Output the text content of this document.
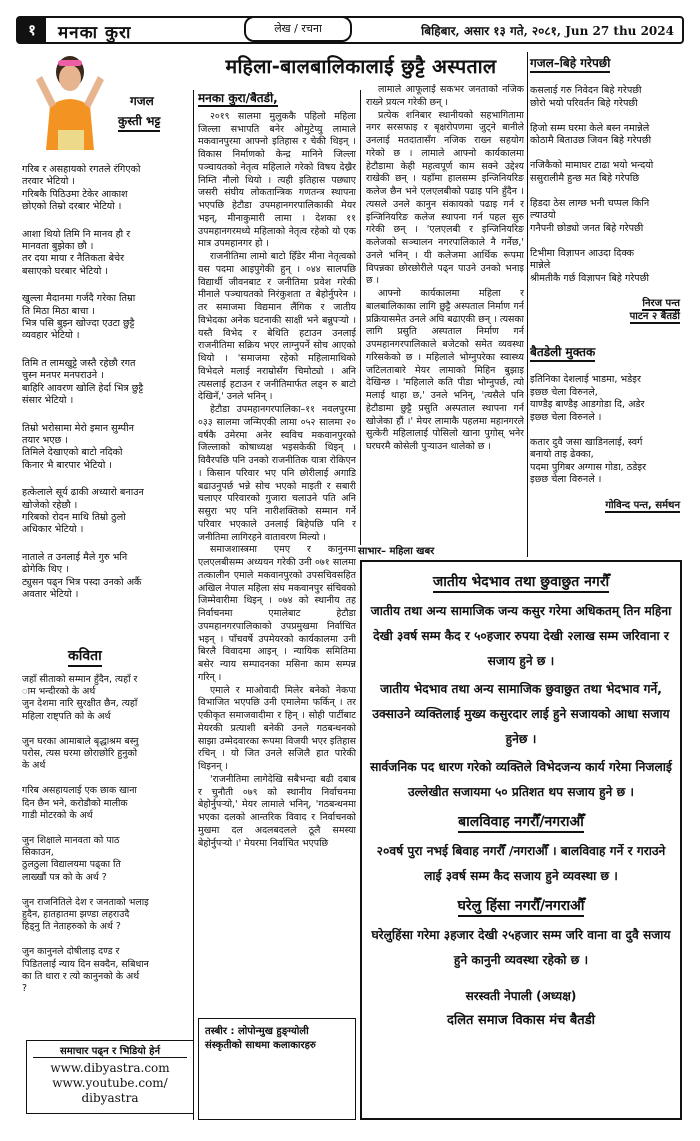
१	मनका कुरा	लेख / रचना	बिहिबार, असार १३ गते, २०८१, Jun 27 thu 2024
गजल
कुस्ती भट्ट
गरिब र असहायको रगतले रंगिएको
तरवार भेटियो ।
गरिबकै पिठिउमा टेकेर आकाश
छोएको तिम्रो दरबार भेटियो ।
आशा थियो तिमि नि मानव हौ र
मानवता बुझेका छौ ।
तर दया माया र नैतिकता बेचेर
बसाएको घरबार भेटियो ।
खुल्ला मैदानमा गर्जदै गरेका तिम्रा
ति मिठा मिठा बाचा ।
भित्र पसि बुझ्न खोज्दा एउटा छुट्टै
व्यवहार भेटियो ।
तिमि त लामखुट्टे जस्तै रहेछौ रगत
चुस्न मनपर मनपराउने ।
बाहिरि आवरण खोलि हेर्दा भित्र छुट्टै
संसार भेटियो ।
तिम्रो भरोसामा मेरो इमान सुम्पीन
तयार भएछ ।
तिमिले देखाएको बाटो नदिको
किनार भै बारपार भेटियो ।
हत्केलाले सूर्य ढाकी अध्यारो बनाउन
खोजेको रहेछौ ।
गरिबको रोदन माथि तिम्रो ठुलो
अधिकार भेटियो ।
नाताले त उनलाई मैले गुरु भनि
ढोगेकि थिए ।
ट्युसन पढ्न भित्र पस्दा उनको अर्कै
अवतार भेटियो ।
कविता
जहाँ सीताको सम्मान हुँदैन, त्यहाँ र
ाम भन्दीरको के अर्थ
जुन देशमा नारि सुरक्षीत छैन, त्यहाँ
महिला राष्ट्पति को के अर्थ
जुन घरका आमाबाले बृद्धाश्रम बस्नु
परोस, त्यस घरमा छोराछोरि हुनुको
के अर्थ
गरिब असहायलाई एक छाक खाना
दिन छैन भने, करोडौको मालीक
गाडी मोटरको के अर्थ
जुन शिक्षाले मानवता को पाठ
सिकाउन,
ठुलठुला विद्यालयमा पढ्का ति
लाख्खौं पत्र को के अर्थ ?
जुन राजनितिले देश र जनताको भलाइ
हुदैन, हातहातमा झण्डा लहराउदै
हिड्नु ति नेताहरुको के अर्थ ?
जुन कानुनले दोषीलाइ दण्ड र
पिडितलाई न्याय दिन सक्दैन, सबिधान
का ति धारा र त्यो कानुनको के अर्थ
?
समाचार पढ्न र भिडियो हेर्न
www.dibyastra.com
www.youtube.com/
dibyastra
महिला-बालबालिकालाई छुट्टै अस्पताल
मनका कुरा/बैतडी,

२०१९ सालमा मुलुककै पहिलो महिला जिल्ला सभापति बनेर ओमुटेप्यु लामाले मकवानपुरमा आफ्नो इतिहास र चेकी थिइन् । विकास निर्माणको केन्द्र मानिने जिल्ला पञ्चायतको नेतृत्व महिलाले गरेको विषय देख्रैर निम्ति नौलो थियो । त्यही इतिहास पछ्याए जसरी संघीय लोकतान्त्रिक गणतन्त्र स्थापना भएपछि हेटौडा उपमहानगरपालिकाकी मेयर भइन्, मीनाकुमारी लामा । देशका ११ उपमहानगरमध्ये महिलाको नेतृत्व रहेको यो एक मात्र उपमहानगर हो ।

राजनीतिमा लामो बाटो हिँडेर मीना नेतृत्वको यस पदमा आइपुगेकी हुन् । ०४४ सालपछि विद्यार्थी जीवनबाट र जनीतिमा प्रवेश गरेकी मीनाले पञ्चायतको निरंकुशता त बेहोर्नुपरेन । तर समाजमा विद्यमान लैंगिक र जातीय विभेदका अनेक घटनाकी साक्षी भने बन्नुपऱ्यो । यस्तै विभेद र बेथिति हटाउन उनलाई राजनीतिमा सक्रिय भएर लाग्नुपर्ने सोच आएको थियो । 'समाजमा रहेको महिलामाथिको विभेदले मलाई नराम्रोसँग चिमोट्यो । अनि त्यसलाई हटाउन र जनीतिमार्फत लड्न रु बाटो देखिनँ,' उनले भनिन् ।

हेटौडा उपमहानगरपालिका–११ नवलपुरमा ०३३ सालमा जन्मिएकी लामा ०५२ सालमा २० वर्षकै उमेरमा अनेर स्वविच मकवानपुरको जिल्लाको कोषाध्यक्ष भइसकेकी थिइन् । विवैरपछि पनि उनको राजनीतिक यात्रा रोकिएन । किसान परिवार भए पनि छोरीलाई अगाडि बढाउनुपर्छ भन्ने सोच भएको माइती र सबारी चलाएर परिवारको गुजारा चलाउने पति अनि ससुरा भए पनि नारीशक्तिको सम्मान गर्ने परिवार भएकाले उनलाई बिहेपछि पनि र जनीतिमा लागिरहने वातावरण मिल्यो ।

समाजशास्त्रमा एमए र कानुनमा एलएलबीसम्म अध्ययन गरेकी उनी ०७१ सालमा तत्कालीन एमाले मकवानपुरको उपसचिवसहित अखिल नेपाल महिला संघ मकवानपुर संचिवको जिम्मेवारीमा थिइन् । ०७४ को स्थानीय तह निर्वाचनमा एमालेबाट हेटौडा उपमहानगरपालिकाको उपप्रमुखमा निर्वाचित भइन् । पाँचवर्षे उपमेयरको कार्यकालमा उनी बिरलै विवादमा आइन् । न्यायिक समितिमा बसेर न्याय सम्पादनका मसिना काम सम्पन्न गरिन् ।

एमाले र माओवादी मिलेर बनेको नेकपा विभाजित भएपछि उनी एमालेमा फर्किन् । तर एकीकृत समाजवादीमा र हिन् । सोही पार्टीबाट मेयरकी प्रत्याशी बनेकी उनले गठबन्धनको साझा उम्मेदवारका रूपमा विजयी भएर इतिहास रचिन् । यो जित उनले सजिलै हात पारेकी थिइनन् ।

'राजनीतिमा लागेदेखि सबैभन्दा बढी दबाब र चुनौती ०७९ को स्थानीय निर्वाचनमा बेहोर्नुपऱ्यो,' मेयर लामाले भनिन्, 'गठबन्धनमा भएका दलको आन्तरिक विवाद र निर्वाचनको मुखमा दल अदलबदलले ठूलै समस्या बेहोर्नुपऱ्यो ।' मेयरमा निर्वाचित भएपछि

लामाले आफूलाई सकभर जनताको नजिक राख्ने प्रयत्न गरेकी छन् ।

प्रत्येक शनिबार स्थानीयको सहभागितामा नगर सरसफाइ र बृक्षरोपणमा जुट्ने बानीले उनलाई मतदातासँग नजिक राख्न सहयोग गरेको छ । लामाले आफ्नो कार्यकालमा हेटौडामा केही महत्वपूर्ण काम सक्ने उद्देश्य राखेकी छन् । यहाँमा हालसम्म इन्जिनियरिङ कलेज छैन भने एलएलबीको पढाइ पनि हुँदैन । त्यसले उनले कानुन संकायको पढाइ गर्न र इन्जिनियरिङ कलेज स्थापना गर्न पहल सुरु गरेकी छन् । 'एलएलबी र इन्जिनियरिङ कलेजको सञ्चालन नगरपालिकाले नै गर्नेछ,' उनले भनिन् । यी कलेजमा आर्थिक रूपमा विपन्नका छोरछोरीले पढ्न पाउने उनको भनाइ छ ।

आफ्नो कार्यकालमा महिला र बालबालिकाका लागि छुट्टै अस्पताल निर्माण गर्न प्रक्रियासमेत उनले अघि बढाएकी छन् । त्यसका लागि प्रसुति अस्पताल निर्माण गर्न उपमहानगरपालिकाले बजेटको समेत व्यवस्था गरिसकेको छ । महिलाले भोग्नुपरेका स्वास्थ्य जटिलताबारे मेयर लामाको मिहिन बुझाइ देखिन्छ । 'महिलाले कति पीडा भोग्नुपर्छ, त्यो मलाई थाहा छ,' उनले भनिन्, 'त्यसैले पनि हेटौडामा छुट्टै प्रसुति अस्पताल स्थापना गर्न खोजेका हौं ।' मेयर लामाकै पहलमा महानगरले सुत्केरी महिलालाई पोसिलो खाना पुगोस् भनेर घरघरमै कोसेली पुऱ्याउन थालेको छ ।

साभार– महिला खबर
तस्बीर : लोपोन्मुख हुङ्ग्योली संस्कृतीको साथमा कलाकारहरु
गजल–बिहे गरेपछी
कसलाई गरु निवेदन बिहे गरेपछी
छोरो भयो परिवर्तन बिहे गरेपछी

हिजो सम्म घरमा केले बस्न नमान्नेले
कोठामै बिताउछ जिवन बिहे गरेपछी

नजिकैको मामाघर टाढा भयो भन्दयो
ससुरालीमै हुन्छ मत बिहे गरेपछि

हिडदा ठेस लाग्छ भनी चप्पल किनि
ल्याउयो
गनैपनी छोड्यो जनत बिहे गरेपछी

टिभीमा विज्ञापन आउदा दिक्क
मान्नेले
श्रीमतीकै गर्छ विज्ञापन बिहे गरेपछी
निरज पन्त
पाटन २ बैतडी
बैतडेली मुक्तक
इतिनिका देशलाई भाडमा, भडेइर
इछ्छ चेला विरुनले,
याण्डैइ बाण्डैइ आडगोडा दि, अडेर
इछ्छ चेला विरुनले ।

कतार दुवै जसा खाडिनलाई, स्वर्ग
बनायो ताइ ढेक्का,
पदमा पुगिबर अग्गास गोडा, ठडेइर
इछ्छ चेला विरुनले ।
गोविन्द पन्त, सर्मथन
जातीय भेदभाव तथा छुवाछुत नगरौँ
जातीय तथा अन्य सामाजिक जन्य कसुर गरेमा अधिकतम् तिन महिना देखी ३वर्ष सम्म कैद र ५०हजार रुपया देखी २लाख सम्म जरिवाना र सजाय हुने छ ।
जातीय भेदभाव तथा अन्य सामाजिक छुवाछुत तथा भेदभाव गर्ने, उक्साउने व्यक्तिलाई मुख्य कसुरदार लाई हुने सजायको आधा सजाय हुनेछ ।
सार्वजनिक पद धारण गरेको व्यक्तिले विभेदजन्य कार्य गरेमा निजलाई उल्लेखीत सजायमा ५० प्रतिशत थप सजाय हुने छ ।
बालविवाह नगरौँ/नगराऔँ
२०वर्ष पुरा नभई बिवाह नगरौँ /नगराऔँ । बालविवाह गर्ने र गराउने लाई ३वर्ष सम्म कैद सजाय हुने व्यवस्था छ ।
घरेलु हिंसा नगरौँ/नगराऔँ
घरेलुहिंसा गरेमा ३हजार देखी २५हजार सम्म जरि वाना वा दुवै सजाय हुने कानुनी व्यवस्था रहेको छ ।
सरस्वती नेपाली (अध्यक्ष)
दलित समाज विकास मंच बैतडी
